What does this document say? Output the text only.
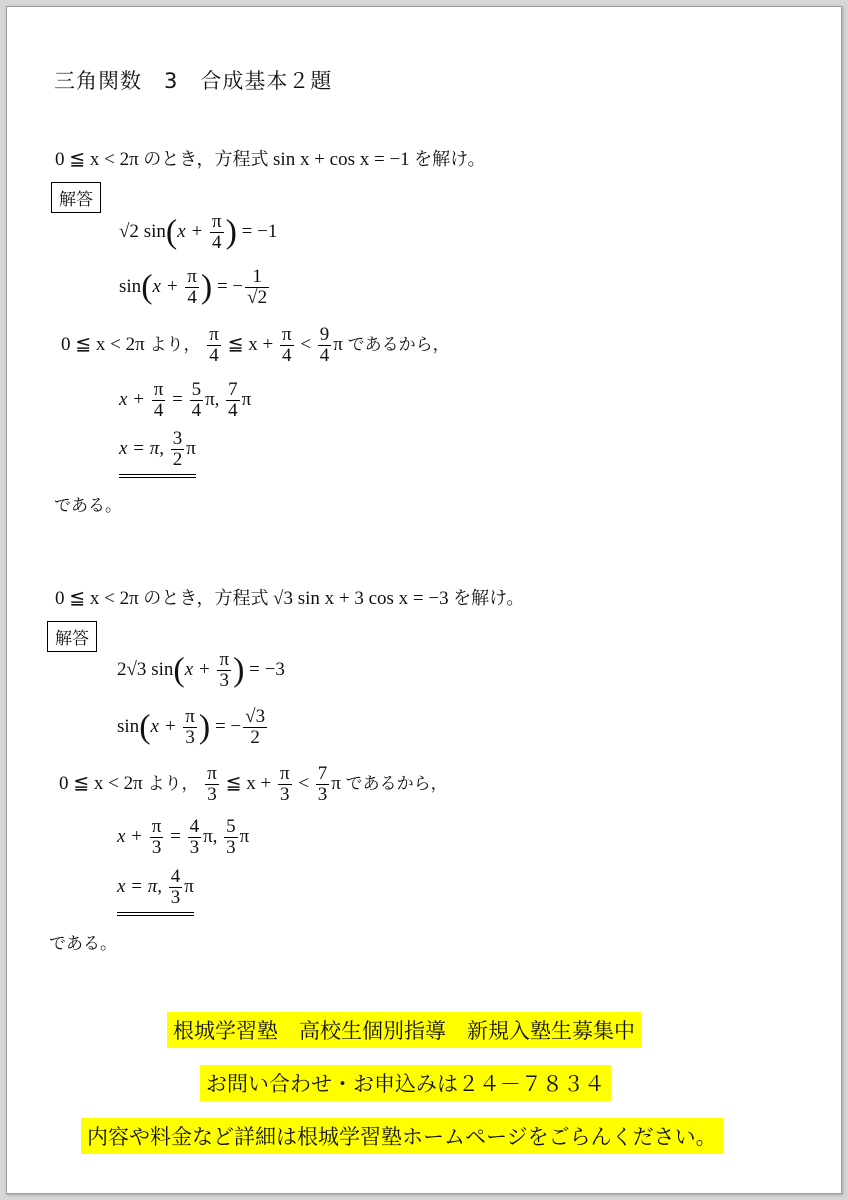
三角関数　3　合成基本２題
0 ≦ x < 2π のとき，方程式 sin x + cos x = −1 を解け。
解答
√2 $\sin(x + \frac{\pi}{4}$ ) = −1
$\sin(x + \frac{\pi}{4}$ ) = − $\frac{1}{√2}$
0 ≦ x < 2π より， $\frac{\pi}{4}$ ≦ $x + \frac{\pi}{4} < \frac{9}{4}$ π であるから，
$x + \frac{\pi}{4} = \frac{5}{4} \pi$, $\frac{7}{4}$ π
x = π, $\frac{3}{2}$ π
である。
0 ≦ x < 2π のとき，方程式 √3 sin x + 3 cos x = −3 を解け。
解答
2√3 $\sin(x + \frac{\pi}{3}$ ) = −3
$\sin(x + \frac{\pi}{3}$ ) = − $\frac{√3}{2}$
0 ≦ x < 2π より， $\frac{\pi}{3}$ ≦ $x + \frac{\pi}{3} < \frac{7}{3}$ π であるから，
$x + \frac{\pi}{3} = \frac{4}{3} \pi$, $\frac{5}{3}$ π
x = π, $\frac{4}{3}$ π
である。
根城学習塾　高校生個別指導　新規入塾生募集中
お問い合わせ・お申込みは２４－７８３４
内容や料金など詳細は根城学習塾ホームページをごらんください。
